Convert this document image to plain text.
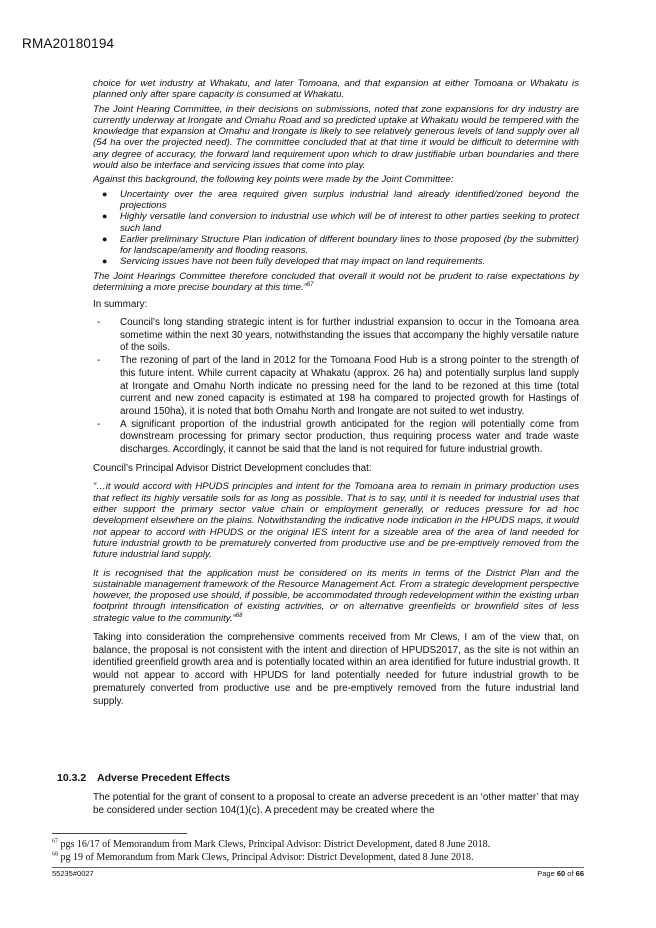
RMA20180194

choice for wet industry at Whakatu, and later Tomoana, and that expansion at either Tomoana or Whakatu is planned only after spare capacity is consumed at Whakatu.

The Joint Hearing Committee, in their decisions on submissions, noted that zone expansions for dry industry are currently underway at Irongate and Omahu Road and so predicted uptake at Whakatu would be tempered with the knowledge that expansion at Omahu and Irongate is likely to see relatively generous levels of land supply over all (54 ha over the projected need). The committee concluded that at that time it would be difficult to determine with any degree of accuracy, the forward land requirement upon which to draw justifiable urban boundaries and there would also be interface and servicing issues that come into play.

Against this background, the following key points were made by the Joint Committee:

● Uncertainty over the area required given surplus industrial land already identified/zoned beyond the projections
● Highly versatile land conversion to industrial use which will be of interest to other parties seeking to protect such land
● Earlier preliminary Structure Plan indication of different boundary lines to those proposed (by the submitter) for landscape/amenity and flooding reasons.
● Servicing issues have not been fully developed that may impact on land requirements.

The Joint Hearings Committee therefore concluded that overall it would not be prudent to raise expectations by determining a more precise boundary at this time.”$^{67}$

In summary:

- Council’s long standing strategic intent is for further industrial expansion to occur in the Tomoana area sometime within the next 30 years, notwithstanding the issues that accompany the highly versatile nature of the soils.
- The rezoning of part of the land in 2012 for the Tomoana Food Hub is a strong pointer to the strength of this future intent. While current capacity at Whakatu (approx. 26 ha) and potentially surplus land supply at Irongate and Omahu North indicate no pressing need for the land to be rezoned at this time (total current and new zoned capacity is estimated at 198 ha compared to projected growth for Hastings of around 150ha), it is noted that both Omahu North and Irongate are not suited to wet industry.
- A significant proportion of the industrial growth anticipated for the region will potentially come from downstream processing for primary sector production, thus requiring process water and trade waste discharges. Accordingly, it cannot be said that the land is not required for future industrial growth.

Council’s Principal Advisor District Development concludes that:

“…it would accord with HPUDS principles and intent for the Tomoana area to remain in primary production uses that reflect its highly versatile soils for as long as possible. That is to say, until it is needed for industrial uses that either support the primary sector value chain or employment generally, or reduces pressure for ad hoc development elsewhere on the plains. Notwithstanding the indicative node indication in the HPUDS maps, it would not appear to accord with HPUDS or the original IES intent for a sizeable area of the area of land needed for future industrial growth to be prematurely converted from productive use and be pre-emptively removed from the future industrial land supply.

It is recognised that the application must be considered on its merits in terms of the District Plan and the sustainable management framework of the Resource Management Act. From a strategic development perspective however, the proposed use should, if possible, be accommodated through redevelopment within the existing urban footprint through intensification of existing activities, or on alternative greenfields or brownfield sites of less strategic value to the community.”$^{68}$

Taking into consideration the comprehensive comments received from Mr Clews, I am of the view that, on balance, the proposal is not consistent with the intent and direction of HPUDS2017, as the site is not within an identified greenfield growth area and is potentially located within an area identified for future industrial growth. It would not appear to accord with HPUDS for land potentially needed for future industrial growth to be prematurely converted from productive use and be pre-emptively removed from the future industrial land supply.

10.3.2 Adverse Precedent Effects

The potential for the grant of consent to a proposal to create an adverse precedent is an ‘other matter’ that may be considered under section 104(1)(c). A precedent may be created where the

$^{67}$ pgs 16/17 of Memorandum from Mark Clews, Principal Advisor: District Development, dated 8 June 2018.
$^{68}$ pg 19 of Memorandum from Mark Clews, Principal Advisor: District Development, dated 8 June 2018.
55235#0027	Page 60 of 66
